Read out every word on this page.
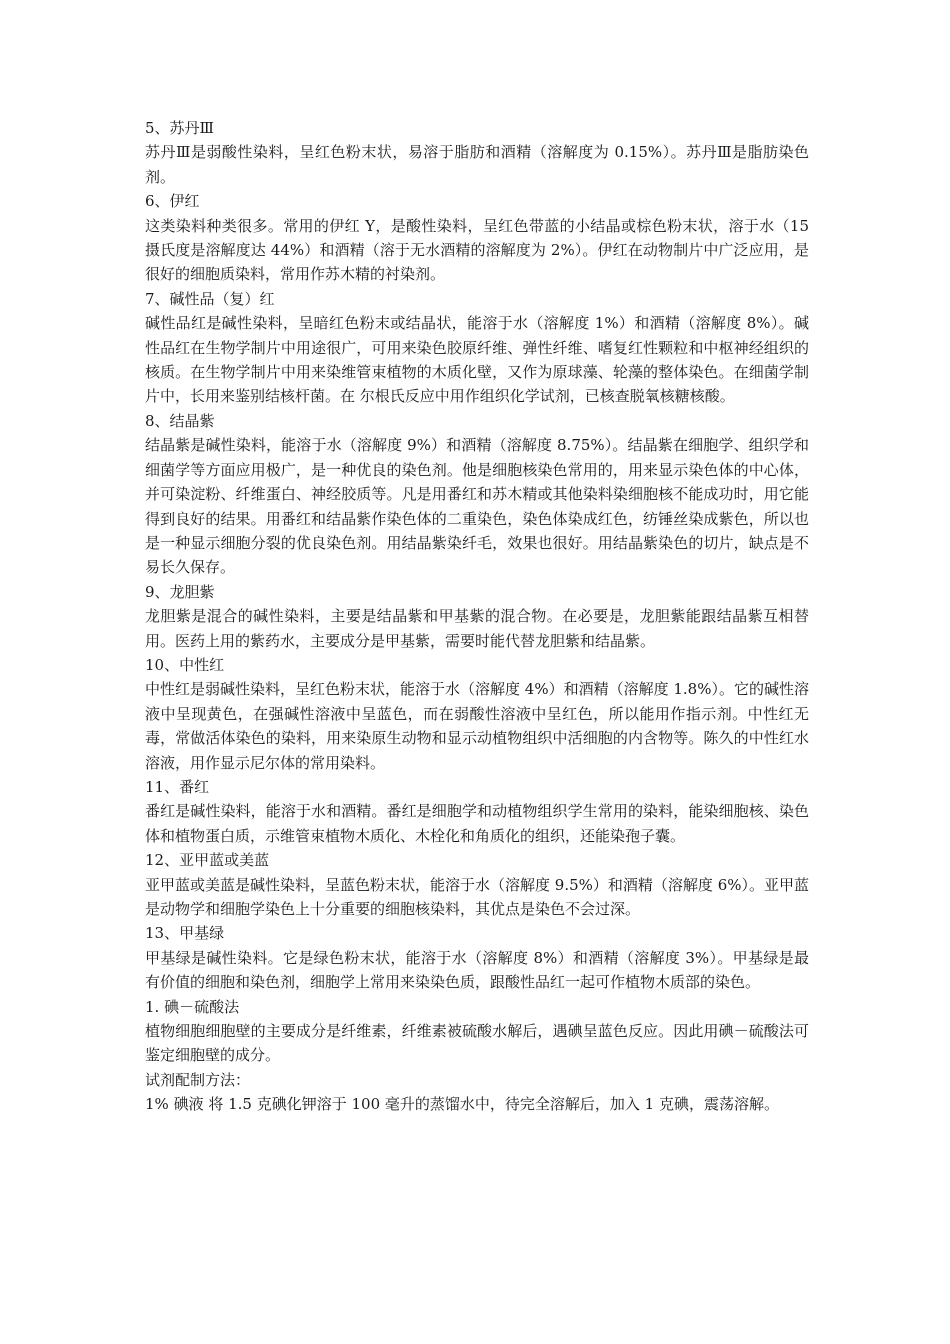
5、苏丹Ⅲ

苏丹Ⅲ是弱酸性染料，呈红色粉末状，易溶于脂肪和酒精（溶解度为 0.15%）。苏丹Ⅲ是脂肪染色剂。

6、伊红

这类染料种类很多。常用的伊红 Y，是酸性染料，呈红色带蓝的小结晶或棕色粉末状，溶于水（15 摄氏度是溶解度达 44%）和酒精（溶于无水酒精的溶解度为 2%）。伊红在动物制片中广泛应用，是很好的细胞质染料，常用作苏木精的衬染剂。

7、碱性品（复）红

碱性品红是碱性染料，呈暗红色粉末或结晶状，能溶于水（溶解度 1%）和酒精（溶解度 8%）。碱性品红在生物学制片中用途很广，可用来染色胶原纤维、弹性纤维、嗜复红性颗粒和中枢神经组织的核质。在生物学制片中用来染维管束植物的木质化壁，又作为原球藻、轮藻的整体染色。在细菌学制片中，长用来鉴别结核杆菌。在 尔根氏反应中用作组织化学试剂，已核查脱氧核糖核酸。

8、结晶紫

结晶紫是碱性染料，能溶于水（溶解度 9%）和酒精（溶解度 8.75%）。结晶紫在细胞学、组织学和细菌学等方面应用极广，是一种优良的染色剂。他是细胞核染色常用的，用来显示染色体的中心体，并可染淀粉、纤维蛋白、神经胶质等。凡是用番红和苏木精或其他染料染细胞核不能成功时，用它能得到良好的结果。用番红和结晶紫作染色体的二重染色，染色体染成红色，纺锤丝染成紫色，所以也是一种显示细胞分裂的优良染色剂。用结晶紫染纤毛，效果也很好。用结晶紫染色的切片，缺点是不易长久保存。

9、龙胆紫

龙胆紫是混合的碱性染料，主要是结晶紫和甲基紫的混合物。在必要是，龙胆紫能跟结晶紫互相替用。医药上用的紫药水，主要成分是甲基紫，需要时能代替龙胆紫和结晶紫。

10、中性红

中性红是弱碱性染料，呈红色粉末状，能溶于水（溶解度 4%）和酒精（溶解度 1.8%）。它的碱性溶液中呈现黄色，在强碱性溶液中呈蓝色，而在弱酸性溶液中呈红色，所以能用作指示剂。中性红无毒，常做活体染色的染料，用来染原生动物和显示动植物组织中活细胞的内含物等。陈久的中性红水溶液，用作显示尼尔体的常用染料。

11、番红

番红是碱性染料，能溶于水和酒精。番红是细胞学和动植物组织学生常用的染料，能染细胞核、染色体和植物蛋白质，示维管束植物木质化、木栓化和角质化的组织，还能染孢子囊。

12、亚甲蓝或美蓝

亚甲蓝或美蓝是碱性染料，呈蓝色粉末状，能溶于水（溶解度 9.5%）和酒精（溶解度 6%）。亚甲蓝是动物学和细胞学染色上十分重要的细胞核染料，其优点是染色不会过深。

13、甲基绿

甲基绿是碱性染料。它是绿色粉末状，能溶于水（溶解度 8%）和酒精（溶解度 3%）。甲基绿是最有价值的细胞和染色剂，细胞学上常用来染染色质，跟酸性品红一起可作植物木质部的染色。

1. 碘－硫酸法

植物细胞细胞壁的主要成分是纤维素，纤维素被硫酸水解后，遇碘呈蓝色反应。因此用碘－硫酸法可鉴定细胞壁的成分。

试剂配制方法：

1% 碘液 将 1.5 克碘化钾溶于 100 毫升的蒸馏水中，待完全溶解后，加入 1 克碘，震荡溶解。
